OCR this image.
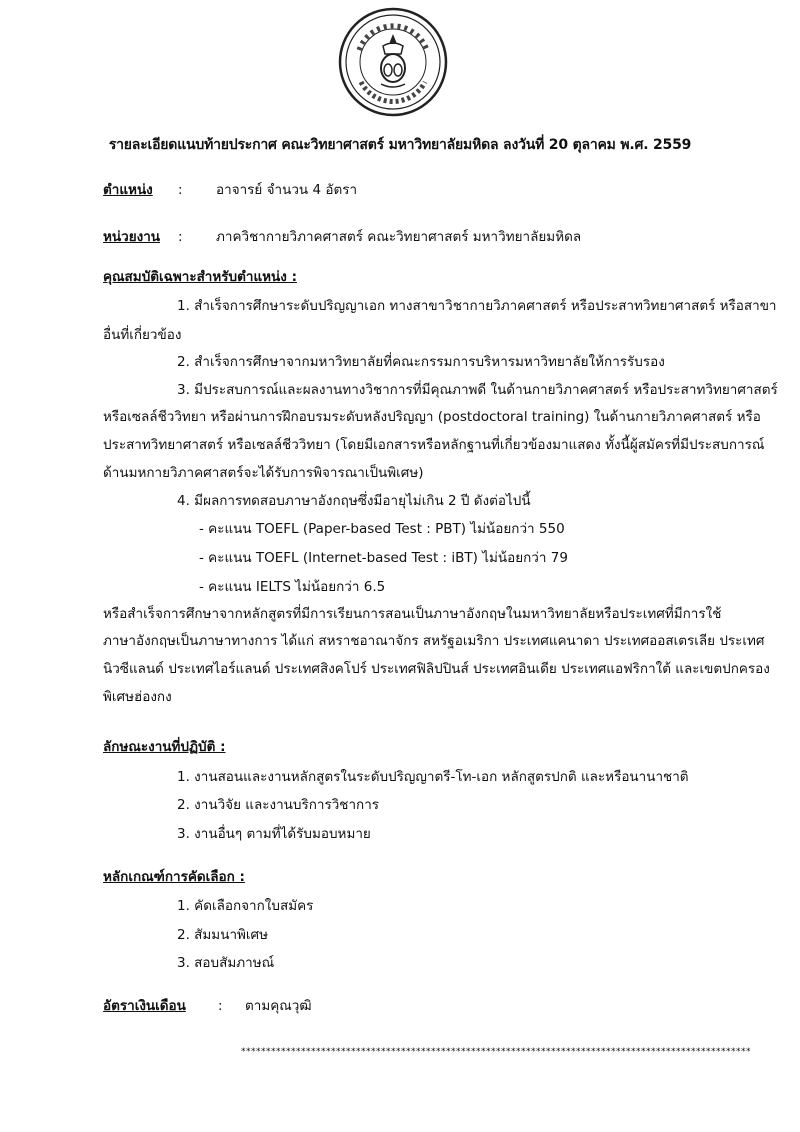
รายละเอียดแนบท้ายประกาศ คณะวิทยาศาสตร์ มหาวิทยาลัยมหิดล ลงวันที่ 20 ตุลาคม พ.ศ. 2559
ตำแหน่ง : อาจารย์ จำนวน 4 อัตรา
หน่วยงาน : ภาควิชากายวิภาคศาสตร์ คณะวิทยาศาสตร์ มหาวิทยาลัยมหิดล
คุณสมบัติเฉพาะสำหรับตำแหน่ง :
1. สำเร็จการศึกษาระดับปริญญาเอก ทางสาขาวิชากายวิภาคศาสตร์ หรือประสาทวิทยาศาสตร์ หรือสาขา
อื่นที่เกี่ยวข้อง
2. สำเร็จการศึกษาจากมหาวิทยาลัยที่คณะกรรมการบริหารมหาวิทยาลัยให้การรับรอง
3. มีประสบการณ์และผลงานทางวิชาการที่มีคุณภาพดี ในด้านกายวิภาคศาสตร์ หรือประสาทวิทยาศาสตร์
หรือเซลล์ชีววิทยา หรือผ่านการฝึกอบรมระดับหลังปริญญา (postdoctoral training) ในด้านกายวิภาคศาสตร์ หรือ
ประสาทวิทยาศาสตร์ หรือเซลล์ชีววิทยา (โดยมีเอกสารหรือหลักฐานที่เกี่ยวข้องมาแสดง ทั้งนี้ผู้สมัครที่มีประสบการณ์
ด้านมหกายวิภาคศาสตร์จะได้รับการพิจารณาเป็นพิเศษ)
4. มีผลการทดสอบภาษาอังกฤษซึ่งมีอายุไม่เกิน 2 ปี ดังต่อไปนี้
- คะแนน TOEFL (Paper-based Test : PBT) ไม่น้อยกว่า 550
- คะแนน TOEFL (Internet-based Test : iBT) ไม่น้อยกว่า 79
- คะแนน IELTS ไม่น้อยกว่า 6.5
หรือสำเร็จการศึกษาจากหลักสูตรที่มีการเรียนการสอนเป็นภาษาอังกฤษในมหาวิทยาลัยหรือประเทศที่มีการใช้
ภาษาอังกฤษเป็นภาษาทางการ ได้แก่ สหราชอาณาจักร สหรัฐอเมริกา ประเทศแคนาดา ประเทศออสเตรเลีย ประเทศ
นิวซีแลนด์ ประเทศไอร์แลนด์ ประเทศสิงคโปร์ ประเทศฟิลิปปินส์ ประเทศอินเดีย ประเทศแอฟริกาใต้ และเขตปกครอง
พิเศษฮ่องกง
ลักษณะงานที่ปฏิบัติ :
1. งานสอนและงานหลักสูตรในระดับปริญญาตรี-โท-เอก หลักสูตรปกติ และหรือนานาชาติ
2. งานวิจัย และงานบริการวิชาการ
3. งานอื่นๆ ตามที่ได้รับมอบหมาย
หลักเกณฑ์การคัดเลือก :
1. คัดเลือกจากใบสมัคร
2. สัมมนาพิเศษ
3. สอบสัมภาษณ์
อัตราเงินเดือน : ตามคุณวุฒิ
******************************************************************************************************
